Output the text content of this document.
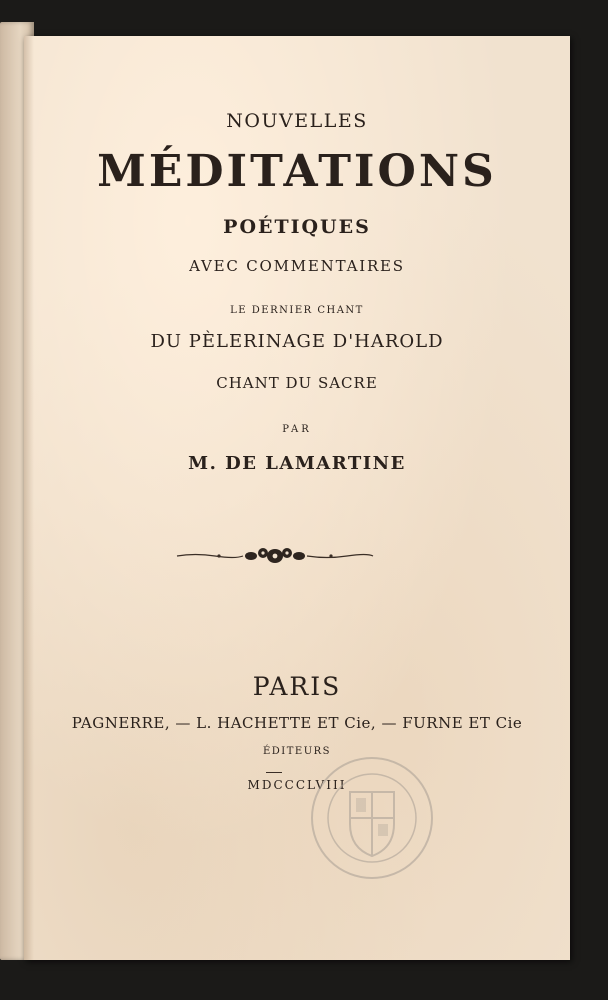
NOUVELLES
MÉDITATIONS
POÉTIQUES
AVEC COMMENTAIRES
LE DERNIER CHANT
DU PÈLERINAGE D'HAROLD
CHANT DU SACRE
PAR
M. DE LAMARTINE
PARIS
PAGNERRE, — L. HACHETTE ET Cie, — FURNE ET Cie
ÉDITEURS
MDCCCLVIII
